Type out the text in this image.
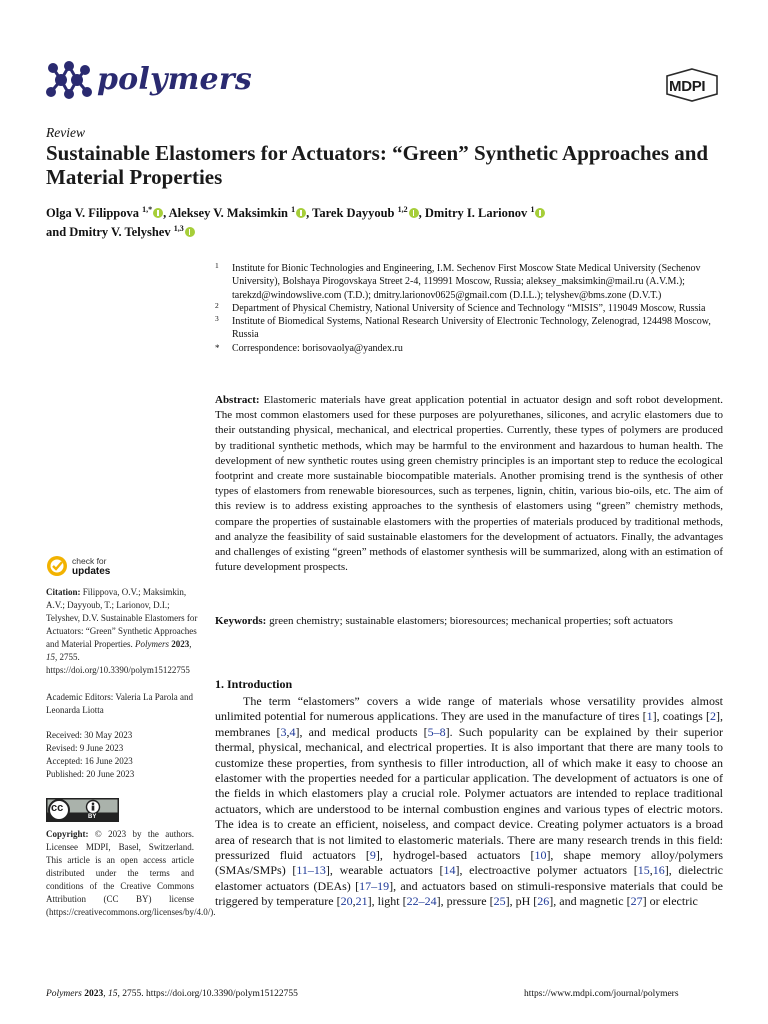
polymers	MDPI
Review
Sustainable Elastomers for Actuators: “Green” Synthetic Approaches and Material Properties
Olga V. Filippova $^{1,*}$ , Aleksey V. Maksimkin $^1$ , Tarek Dayyoub $^{1,2}$ , Dmitry I. Larionov $^1$
and Dmitry V. Telyshev $^{1,3}$
1 Institute for Bionic Technologies and Engineering, I.M. Sechenov First Moscow State Medical University (Sechenov University), Bolshaya Pirogovskaya Street 2-4, 119991 Moscow, Russia; aleksey_maksimkin@mail.ru (A.V.M.); tarekzd@windowslive.com (T.D.); dmitry.larionov0625@gmail.com (D.I.L.); telyshev@bms.zone (D.V.T.)
2 Department of Physical Chemistry, National University of Science and Technology “MISIS”, 119049 Moscow, Russia
3 Institute of Biomedical Systems, National Research University of Electronic Technology, Zelenograd, 124498 Moscow, Russia
* Correspondence: borisovaolya@yandex.ru
Abstract: Elastomeric materials have great application potential in actuator design and soft robot development. The most common elastomers used for these purposes are polyurethanes, silicones, and acrylic elastomers due to their outstanding physical, mechanical, and electrical properties. Currently, these types of polymers are produced by traditional synthetic methods, which may be harmful to the environment and hazardous to human health. The development of new synthetic routes using green chemistry principles is an important step to reduce the ecological footprint and create more sustainable biocompatible materials. Another promising trend is the synthesis of other types of elastomers from renewable bioresources, such as terpenes, lignin, chitin, various bio-oils, etc. The aim of this review is to address existing approaches to the synthesis of elastomers using “green” chemistry methods, compare the properties of sustainable elastomers with the properties of materials produced by traditional methods, and analyze the feasibility of said sustainable elastomers for the development of actuators. Finally, the advantages and challenges of existing “green” methods of elastomer synthesis will be summarized, along with an estimation of future development prospects.
Keywords: green chemistry; sustainable elastomers; bioresources; mechanical properties; soft actuators
check for
updates
Citation: Filippova, O.V.; Maksimkin, A.V.; Dayyoub, T.; Larionov, D.I.; Telyshev, D.V. Sustainable Elastomers for Actuators: “Green” Synthetic Approaches and Material Properties. Polymers 2023, 15, 2755. https://doi.org/10.3390/polym15122755
Academic Editors: Valeria La Parola and Leonarda Liotta
Received: 30 May 2023
Revised: 9 June 2023
Accepted: 16 June 2023
Published: 20 June 2023
cc
BY
Copyright: © 2023 by the authors. Licensee MDPI, Basel, Switzerland. This article is an open access article distributed under the terms and conditions of the Creative Commons Attribution (CC BY) license (https://creativecommons.org/licenses/by/4.0/).
1. Introduction
The term “elastomers” covers a wide range of materials whose versatility provides almost unlimited potential for numerous applications. They are used in the manufacture of tires [1], coatings [2], membranes [3,4], and medical products [5–8]. Such popularity can be explained by their superior thermal, physical, mechanical, and electrical properties. It is also important that there are many tools to customize these properties, from synthesis to filler introduction, all of which make it easy to choose an elastomer with the properties needed for a particular application. The development of actuators is one of the fields in which elastomers play a crucial role. Polymer actuators are intended to replace traditional actuators, which are understood to be internal combustion engines and various types of electric motors. The idea is to create an efficient, noiseless, and compact device. Creating polymer actuators is a broad area of research that is not limited to elastomeric materials. There are many research trends in this field: pressurized fluid actuators [9], hydrogel-based actuators [10], shape memory alloy/polymers (SMAs/SMPs) [11–13], wearable actuators [14], electroactive polymer actuators [15,16], dielectric elastomer actuators (DEAs) [17–19], and actuators based on stimuli-responsive materials that could be triggered by temperature [20,21], light [22–24], pressure [25], pH [26], and magnetic [27] or electric
Polymers 2023, 15, 2755. https://doi.org/10.3390/polym15122755	https://www.mdpi.com/journal/polymers
